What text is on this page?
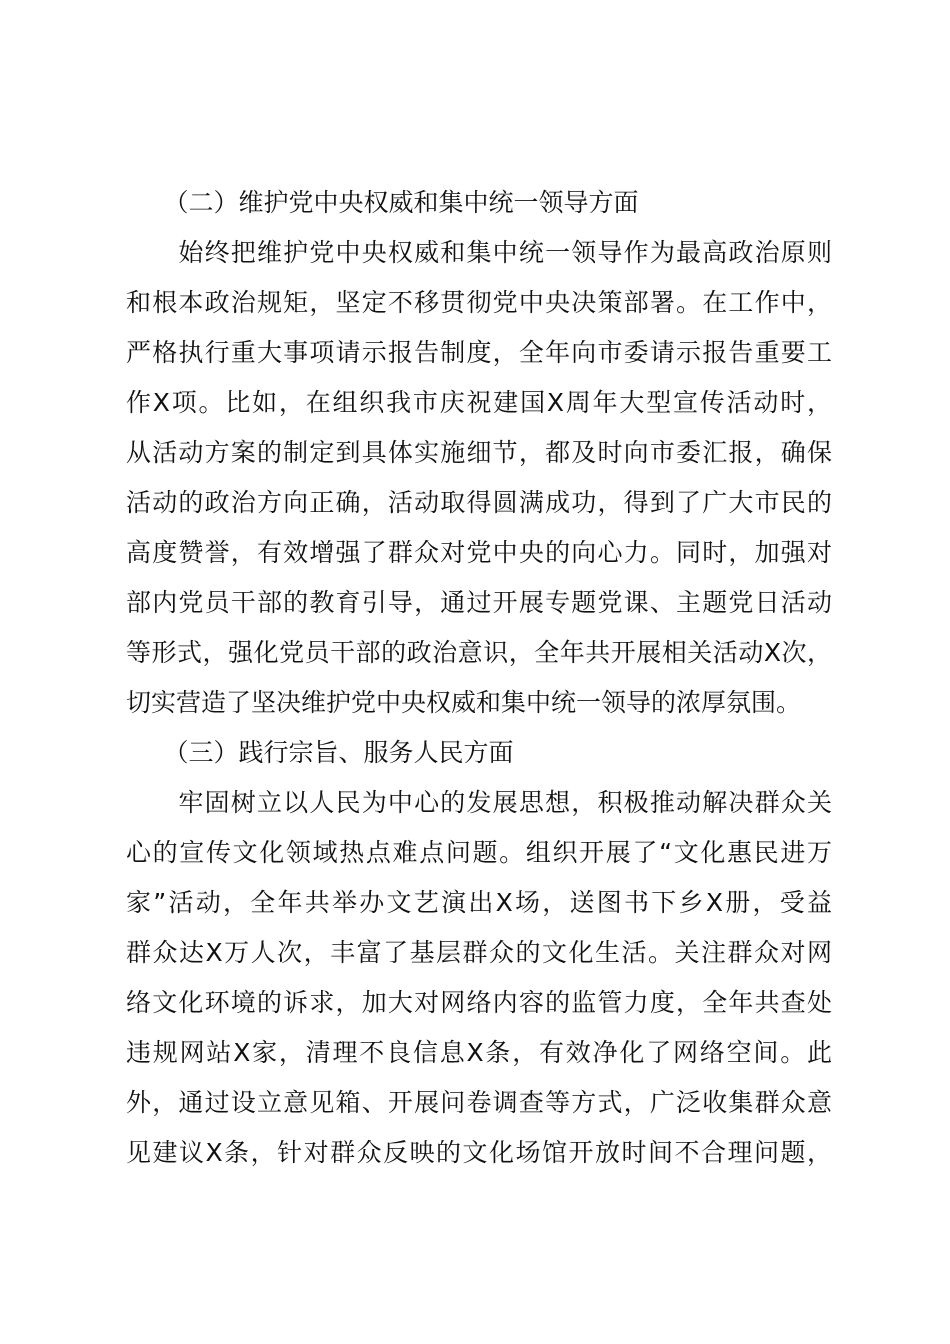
　　（二）维护党中央权威和集中统一领导方面
　　始终把维护党中央权威和集中统一领导作为最高政治原则
和根本政治规矩，坚定不移贯彻党中央决策部署。在工作中，
严格执行重大事项请示报告制度，全年向市委请示报告重要工
作X项。比如，在组织我市庆祝建国X周年大型宣传活动时，
从活动方案的制定到具体实施细节，都及时向市委汇报，确保
活动的政治方向正确，活动取得圆满成功，得到了广大市民的
高度赞誉，有效增强了群众对党中央的向心力。同时，加强对
部内党员干部的教育引导，通过开展专题党课、主题党日活动
等形式，强化党员干部的政治意识，全年共开展相关活动X次，
切实营造了坚决维护党中央权威和集中统一领导的浓厚氛围。
　　（三）践行宗旨、服务人民方面
　　牢固树立以人民为中心的发展思想，积极推动解决群众关
心的宣传文化领域热点难点问题。组织开展了“文化惠民进万
家”活动，全年共举办文艺演出X场，送图书下乡X册，受益
群众达X万人次，丰富了基层群众的文化生活。关注群众对网
络文化环境的诉求，加大对网络内容的监管力度，全年共查处
违规网站X家，清理不良信息X条，有效净化了网络空间。此
外，通过设立意见箱、开展问卷调查等方式，广泛收集群众意
见建议X条，针对群众反映的文化场馆开放时间不合理问题，
